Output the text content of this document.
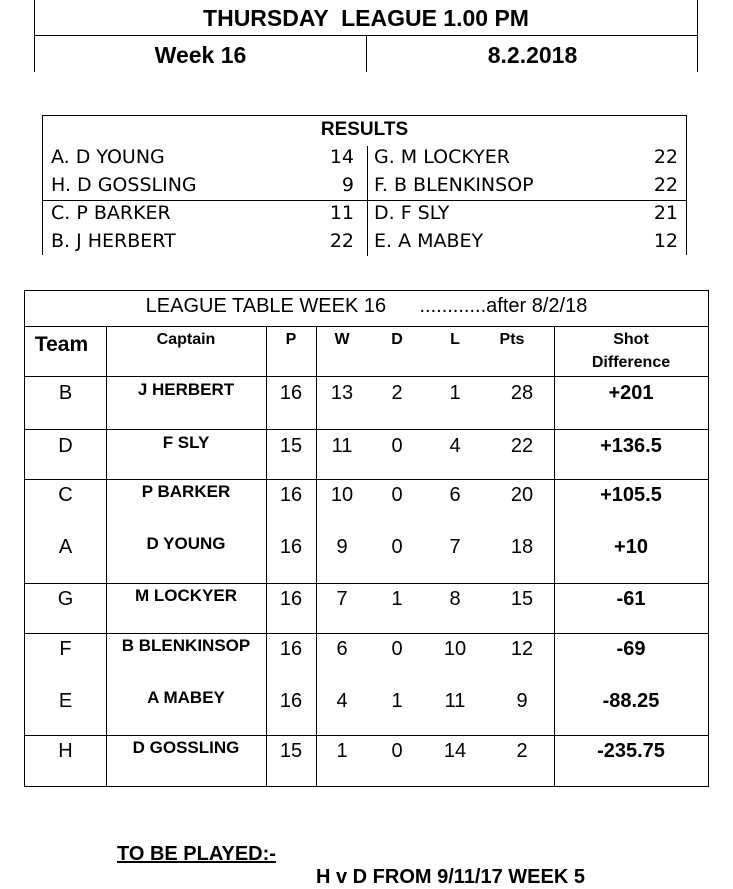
THURSDAY  LEAGUE 1.00 PM
Week 16	8.2.2018
RESULTS
A. D YOUNG	14 G. M LOCKYER	22
H. D GOSSLING	9 F. B BLENKINSOP	22
C. P BARKER	11 D. F SLY	21
B. J HERBERT	22 E. A MABEY	12
LEAGUE TABLE WEEK 16      ............after 8/2/18
Team	Captain	P	W	D	L	Pts	Shot
Difference
B	J HERBERT	16	13	2	1	28	+201
D	F SLY	15	11	0	4	22	+136.5
C	P BARKER	16	10	0	6	20	+105.5
A	D YOUNG	16	9	0	7	18	+10
G	M LOCKYER	16	7	1	8	15	-61
F	B BLENKINSOP	16	6	0	10	12	-69
E	A MABEY	16	4	1	11	9	-88.25
H	D GOSSLING	15	1	0	14	2	-235.75

TO BE PLAYED:-

H v D FROM 9/11/17 WEEK 5
